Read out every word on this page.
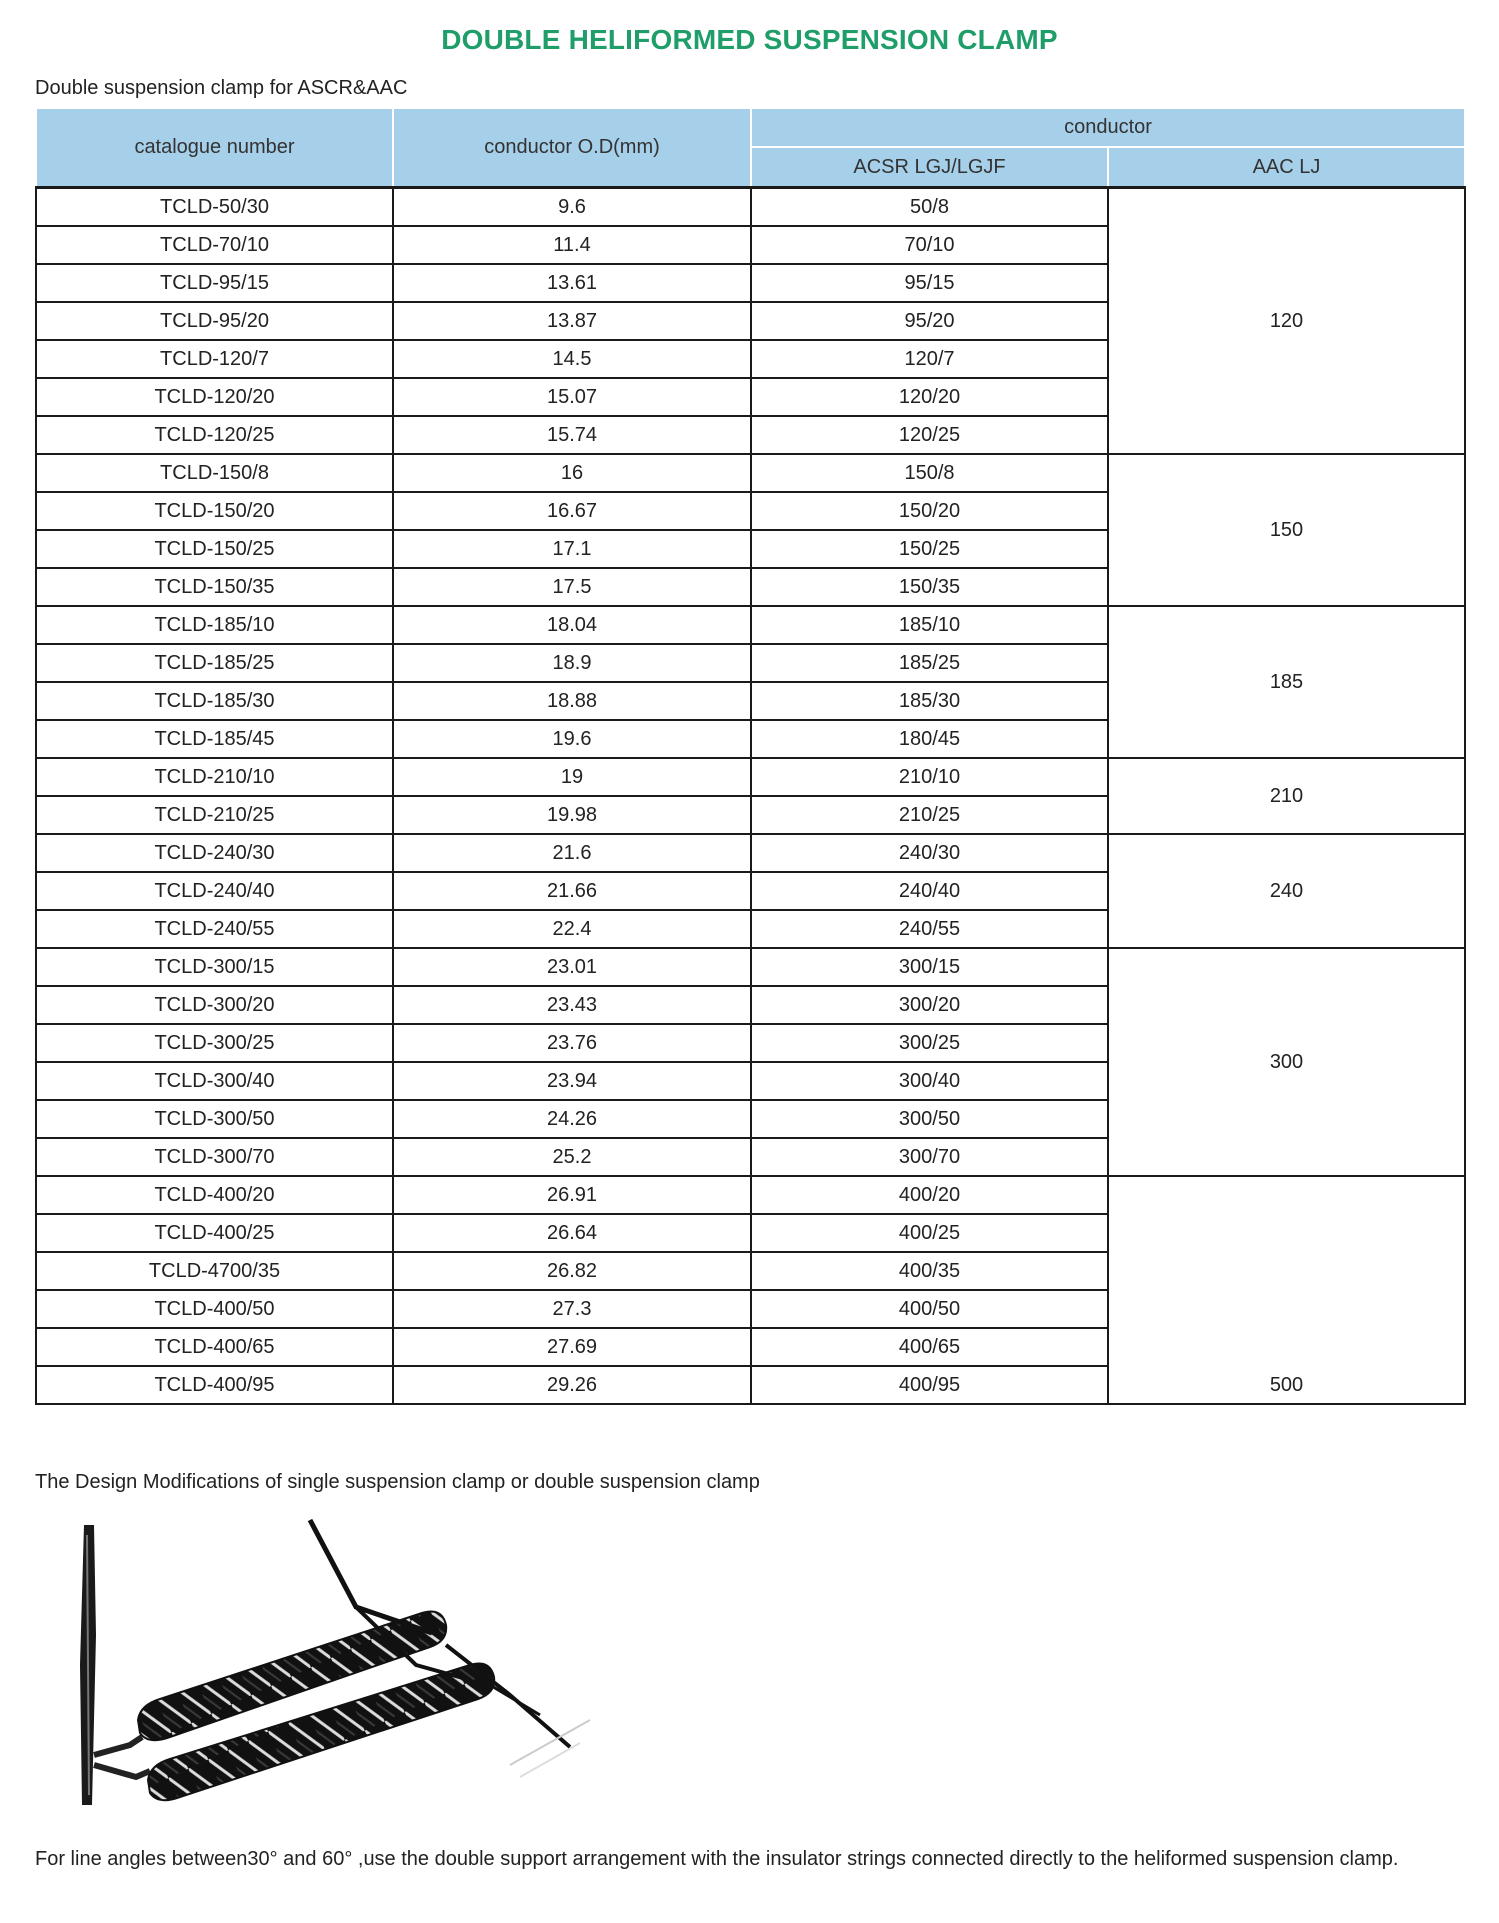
DOUBLE HELIFORMED SUSPENSION CLAMP
Double suspension clamp for ASCR&AAC
catalogue number	conductor O.D(mm)	conductor	
		ACSR LGJ/LGJF	AAC LJ
TCLD-50/30	9.6	50/8	120
TCLD-70/10	11.4	70/10	
TCLD-95/15	13.61	95/15	
TCLD-95/20	13.87	95/20	
TCLD-120/7	14.5	120/7	
TCLD-120/20	15.07	120/20	
TCLD-120/25	15.74	120/25	
TCLD-150/8	16	150/8	150
TCLD-150/20	16.67	150/20	
TCLD-150/25	17.1	150/25	
TCLD-150/35	17.5	150/35	
TCLD-185/10	18.04	185/10	185
TCLD-185/25	18.9	185/25	
TCLD-185/30	18.88	185/30	
TCLD-185/45	19.6	180/45	
TCLD-210/10	19	210/10	210
TCLD-210/25	19.98	210/25	
TCLD-240/30	21.6	240/30	240
TCLD-240/40	21.66	240/40	
TCLD-240/55	22.4	240/55	
TCLD-300/15	23.01	300/15	300
TCLD-300/20	23.43	300/20	
TCLD-300/25	23.76	300/25	
TCLD-300/40	23.94	300/40	
TCLD-300/50	24.26	300/50	
TCLD-300/70	25.2	300/70	
TCLD-400/20	26.91	400/20	500
TCLD-400/25	26.64	400/25	
TCLD-4700/35	26.82	400/35	
TCLD-400/50	27.3	400/50	
TCLD-400/65	27.69	400/65	
TCLD-400/95	29.26	400/95	
The Design Modifications of single suspension clamp or double suspension clamp
For line angles between30° and 60° ,use the double support arrangement with the insulator strings connected directly to the heliformed suspension clamp.
